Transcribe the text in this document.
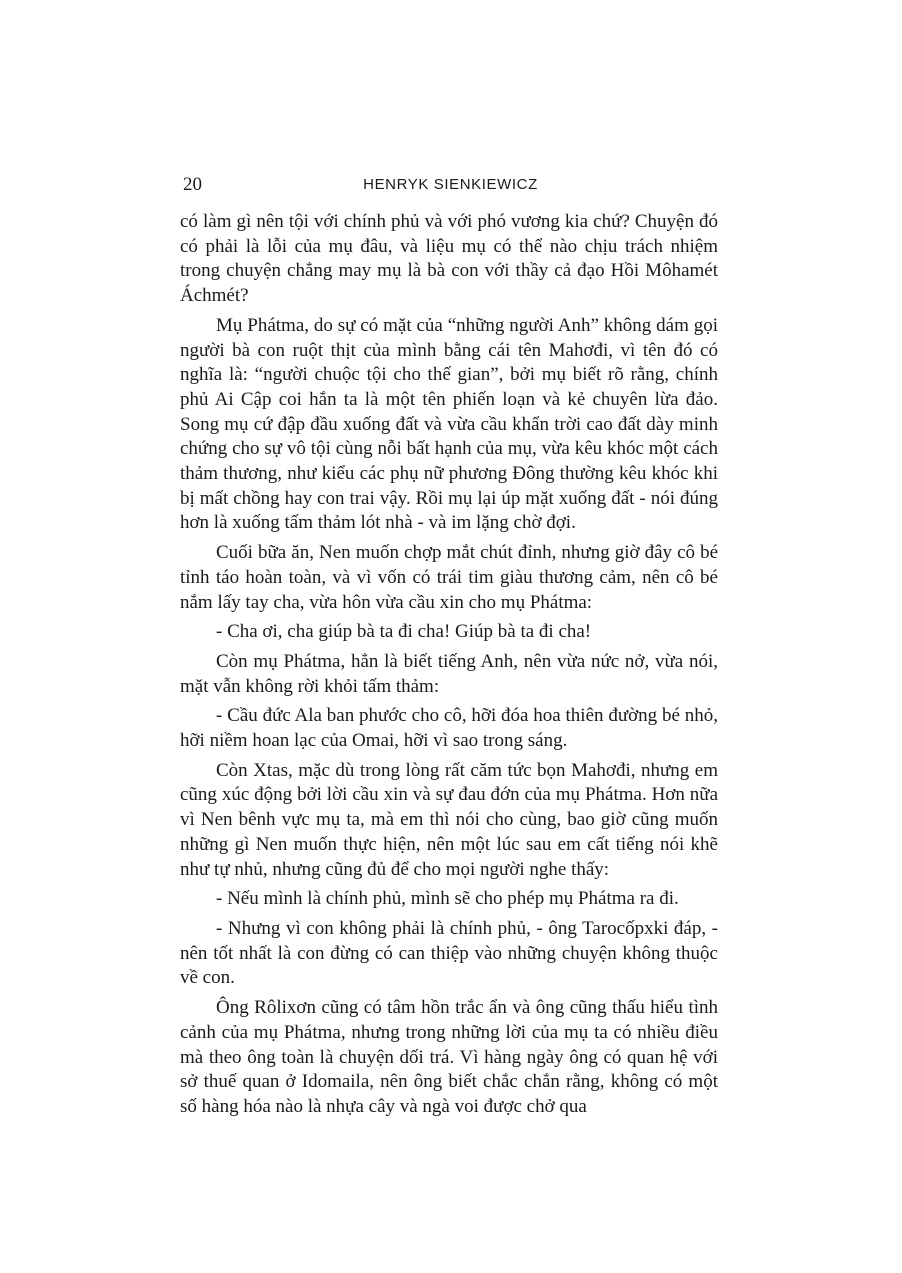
20	HENRYK SIENKIEWICZ

có làm gì nên tội với chính phủ và với phó vương kia chứ? Chuyện đó có phải là lỗi của mụ đâu, và liệu mụ có thể nào chịu trách nhiệm trong chuyện chẳng may mụ là bà con với thầy cả đạo Hồi Môhamét Áchmét?

Mụ Phátma, do sự có mặt của “những người Anh” không dám gọi người bà con ruột thịt của mình bằng cái tên Mahơđi, vì tên đó có nghĩa là: “người chuộc tội cho thế gian”, bởi mụ biết rõ rằng, chính phủ Ai Cập coi hắn ta là một tên phiến loạn và kẻ chuyên lừa đảo. Song mụ cứ đập đầu xuống đất và vừa cầu khẩn trời cao đất dày minh chứng cho sự vô tội cùng nỗi bất hạnh của mụ, vừa kêu khóc một cách thảm thương, như kiểu các phụ nữ phương Đông thường kêu khóc khi bị mất chồng hay con trai vậy. Rồi mụ lại úp mặt xuống đất - nói đúng hơn là xuống tấm thảm lót nhà - và im lặng chờ đợi.

Cuối bữa ăn, Nen muốn chợp mắt chút đỉnh, nhưng giờ đây cô bé tỉnh táo hoàn toàn, và vì vốn có trái tim giàu thương cảm, nên cô bé nắm lấy tay cha, vừa hôn vừa cầu xin cho mụ Phátma:

- Cha ơi, cha giúp bà ta đi cha! Giúp bà ta đi cha!

Còn mụ Phátma, hẳn là biết tiếng Anh, nên vừa nức nở, vừa nói, mặt vẫn không rời khỏi tấm thảm:

- Cầu đức Ala ban phước cho cô, hỡi đóa hoa thiên đường bé nhỏ, hỡi niềm hoan lạc của Omai, hỡi vì sao trong sáng.

Còn Xtas, mặc dù trong lòng rất căm tức bọn Mahơđi, nhưng em cũng xúc động bởi lời cầu xin và sự đau đớn của mụ Phátma. Hơn nữa vì Nen bênh vực mụ ta, mà em thì nói cho cùng, bao giờ cũng muốn những gì Nen muốn thực hiện, nên một lúc sau em cất tiếng nói khẽ như tự nhủ, nhưng cũng đủ để cho mọi người nghe thấy:

- Nếu mình là chính phủ, mình sẽ cho phép mụ Phátma ra đi.

- Nhưng vì con không phải là chính phủ, - ông Tarocốpxki đáp, - nên tốt nhất là con đừng có can thiệp vào những chuyện không thuộc về con.

Ông Rôlixơn cũng có tâm hồn trắc ẩn và ông cũng thấu hiểu tình cảnh của mụ Phátma, nhưng trong những lời của mụ ta có nhiều điều mà theo ông toàn là chuyện dối trá. Vì hàng ngày ông có quan hệ với sở thuế quan ở Idomaila, nên ông biết chắc chắn rằng, không có một số hàng hóa nào là nhựa cây và ngà voi được chở qua
